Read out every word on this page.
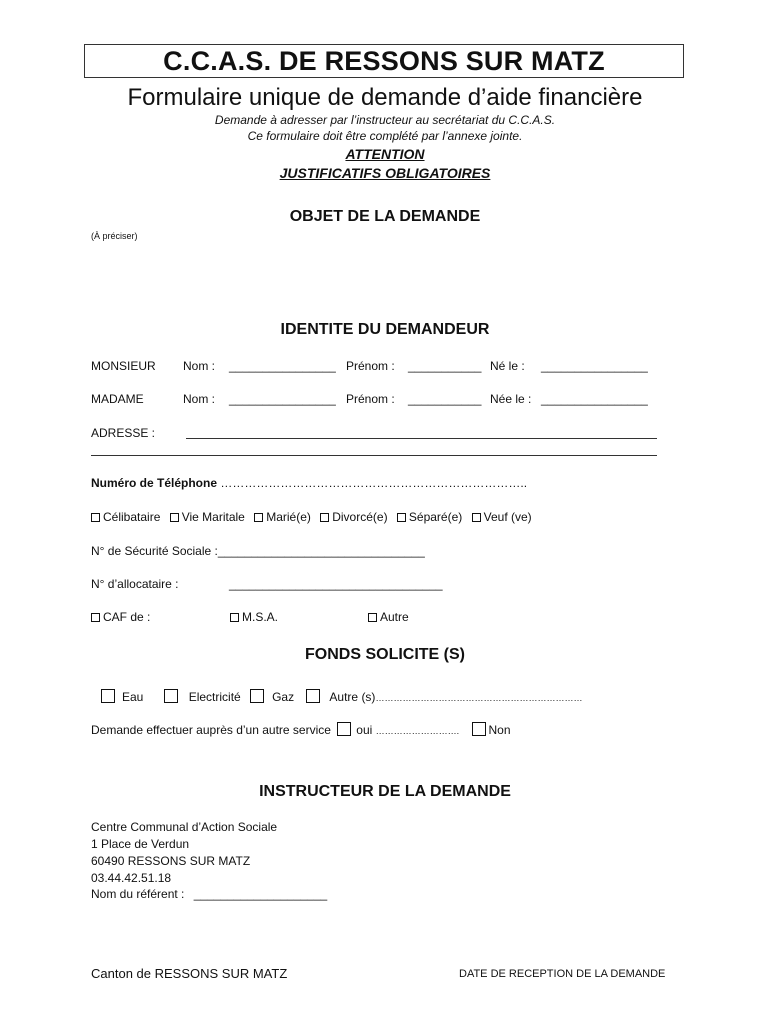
C.C.A.S. DE RESSONS SUR MATZ
Formulaire unique de demande d’aide financière
Demande à adresser par l’instructeur au secrétariat du C.C.A.S.
Ce formulaire doit être complété par l’annexe jointe.
ATTENTION
JUSTIFICATIFS OBLIGATOIRES
OBJET DE LA DEMANDE
(À préciser)
IDENTITE DU DEMANDEUR
MONSIEUR Nom : ________________ Prénom : ___________ Né le : ________________
MADAME	Nom : ________________ Prénom : ___________ Née le : ________________
ADRESSE :
Numéro de Téléphone …………………………………………………………………..
Célibataire Vie Maritale Marié(e) Divorcé(e) Séparé(e) Veuf (ve)
N° de Sécurité Sociale :_______________________________
N° d’allocataire :	________________________________
CAF de :	M.S.A.	Autre
FONDS SOLICITE (S)
Eau	Electricité	Gaz	Autre (s)……………………………………………………………
Demande effectuer auprès d’un autre service oui ………………………. Non
INSTRUCTEUR DE LA DEMANDE
Centre Communal d’Action Sociale
1 Place de Verdun
60490 RESSONS SUR MATZ
03.44.42.51.18
Nom du référent : ____________________
Canton de RESSONS SUR MATZ	DATE DE RECEPTION DE LA DEMANDE
